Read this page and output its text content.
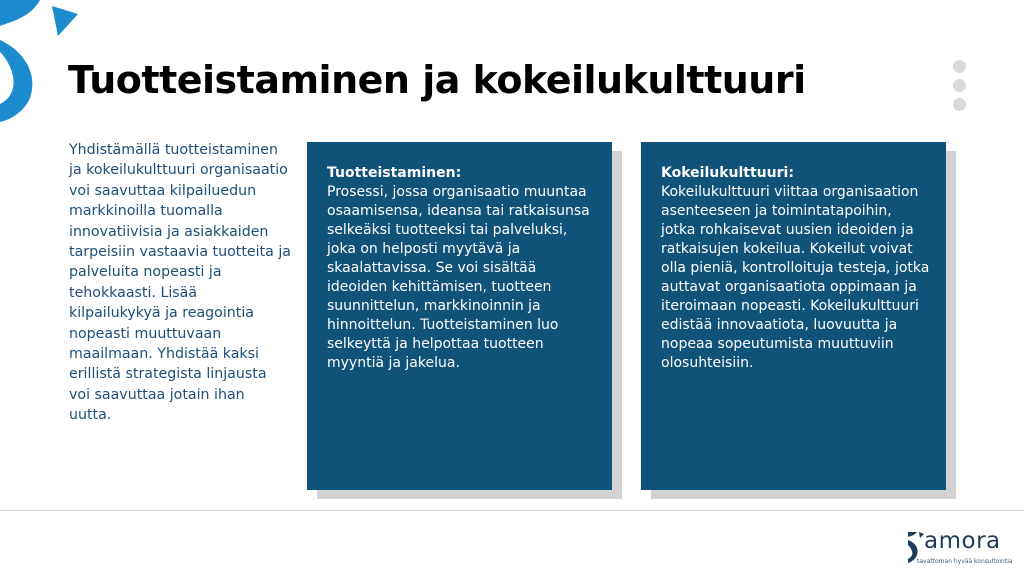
Tuotteistaminen ja kokeilukulttuuri

Yhdistämällä tuotteistaminen ja kokeilukulttuuri organisaatio voi saavuttaa kilpailuedun markkinoilla tuomalla innovatiivisia ja asiakkaiden tarpeisiin vastaavia tuotteita ja palveluita nopeasti ja tehokkaasti. Lisää kilpailukykyä ja reagointia nopeasti muuttuvaan maailmaan. Yhdistää kaksi erillistä strategista linjausta voi saavuttaa jotain ihan uutta.

Tuotteistaminen:
Prosessi, jossa organisaatio muuntaa osaamisensa, ideansa tai ratkaisunsa selkeäksi tuotteeksi tai palveluksi, joka on helposti myytävä ja skaalattavissa. Se voi sisältää ideoiden kehittämisen, tuotteen suunnittelun, markkinoinnin ja hinnoittelun. Tuotteistaminen luo selkeyttä ja helpottaa tuotteen myyntiä ja jakelua.
Kokeilukulttuuri:
Kokeilukulttuuri viittaa organisaation asenteeseen ja toimintatapoihin, jotka rohkaisevat uusien ideoiden ja ratkaisujen kokeilua. Kokeilut voivat olla pieniä, kontrolloituja testeja, jotka auttavat organisaatiota oppimaan ja iteroimaan nopeasti. Kokeilukulttuuri edistää innovaatiota, luovuutta ja nopeaa sopeutumista muuttuviin olosuhteisiin.
amora
tavattoman hyvää konsultointia
